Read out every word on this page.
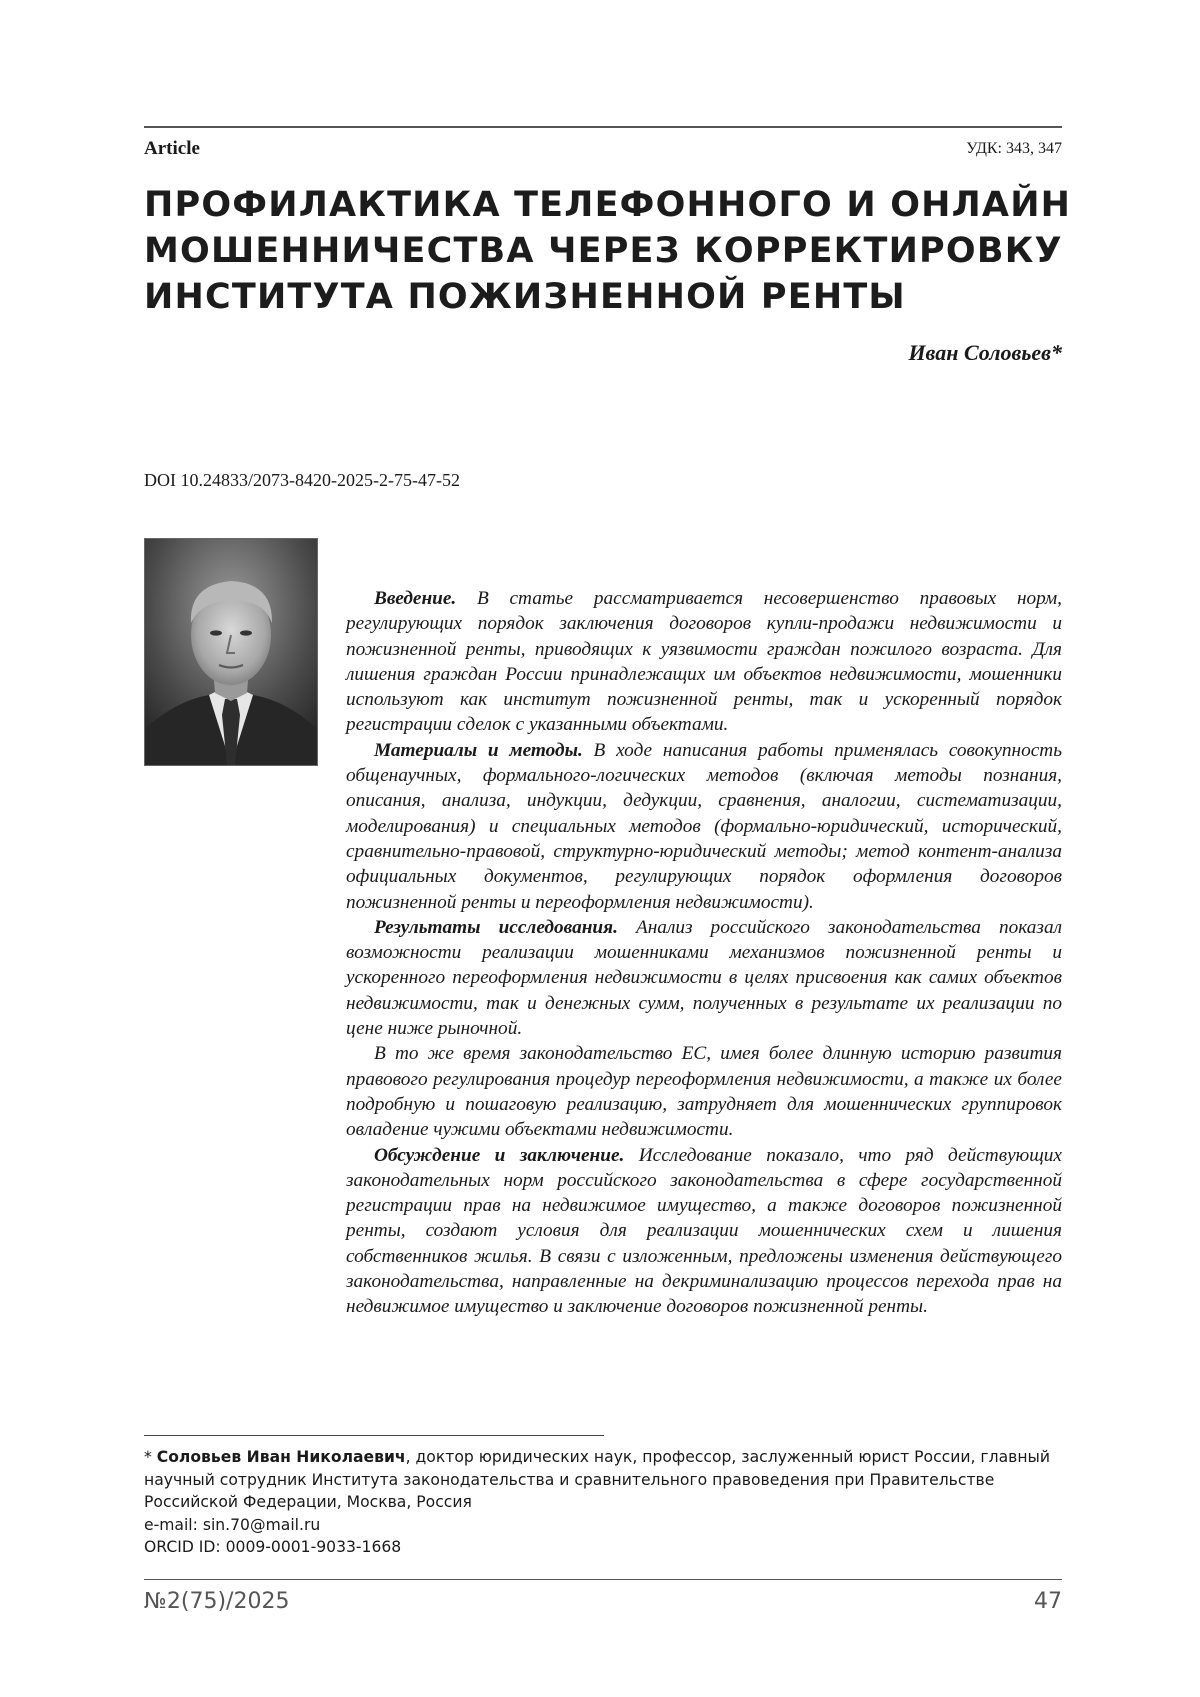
Article	УДК: 343, 347
ПРОФИЛАКТИКА ТЕЛЕФОННОГО И ОНЛАЙН
МОШЕННИЧЕСТВА ЧЕРЕЗ КОРРЕКТИРОВКУ
ИНСТИТУТА ПОЖИЗНЕННОЙ РЕНТЫ
Иван Соловьев*
DOI 10.24833/2073-8420-2025-2-75-47-52

Введение. В статье рассматривается несовершенство правовых норм, регулирующих порядок заключения договоров купли-продажи недвижимости и пожизненной ренты, приводящих к уязвимости граждан пожилого возраста. Для лишения граждан России принадлежащих им объектов недвижимости, мошенники используют как институт пожизненной ренты, так и ускоренный порядок регистрации сделок с указанными объектами.

Материалы и методы. В ходе написания работы применялась совокупность общенаучных, формального-логических методов (включая методы познания, описания, анализа, индукции, дедукции, сравнения, аналогии, систематизации, моделирования) и специальных методов (формально-юридический, исторический, сравнительно-правовой, структурно-юридический методы; метод контент-анализа официальных документов, регулирующих порядок оформления договоров пожизненной ренты и переоформления недвижимости).

Результаты исследования. Анализ российского законодательства показал возможности реализации мошенниками механизмов пожизненной ренты и ускоренного переоформления недвижимости в целях присвоения как самих объектов недвижимости, так и денежных сумм, полученных в результате их реализации по цене ниже рыночной.

В то же время законодательство ЕС, имея более длинную историю развития правового регулирования процедур переоформления недвижимости, а также их более подробную и пошаговую реализацию, затрудняет для мошеннических группировок овладение чужими объектами недвижимости.

Обсуждение и заключение. Исследование показало, что ряд действующих законодательных норм российского законодательства в сфере государственной регистрации прав на недвижимое имущество, а также договоров пожизненной ренты, создают условия для реализации мошеннических схем и лишения собственников жилья. В связи с изложенным, предложены изменения действующего законодательства, направленные на декриминализацию процессов перехода прав на недвижимое имущество и заключение договоров пожизненной ренты.

* Соловьев Иван Николаевич, доктор юридических наук, профессор, заслуженный юрист России, главный научный сотрудник Института законодательства и сравнительного правоведения при Правительстве Российской Федерации, Москва, Россия

e-mail: sin.70@mail.ru

ORCID ID: 0009-0001-9033-1668

№2(75)/2025	47
